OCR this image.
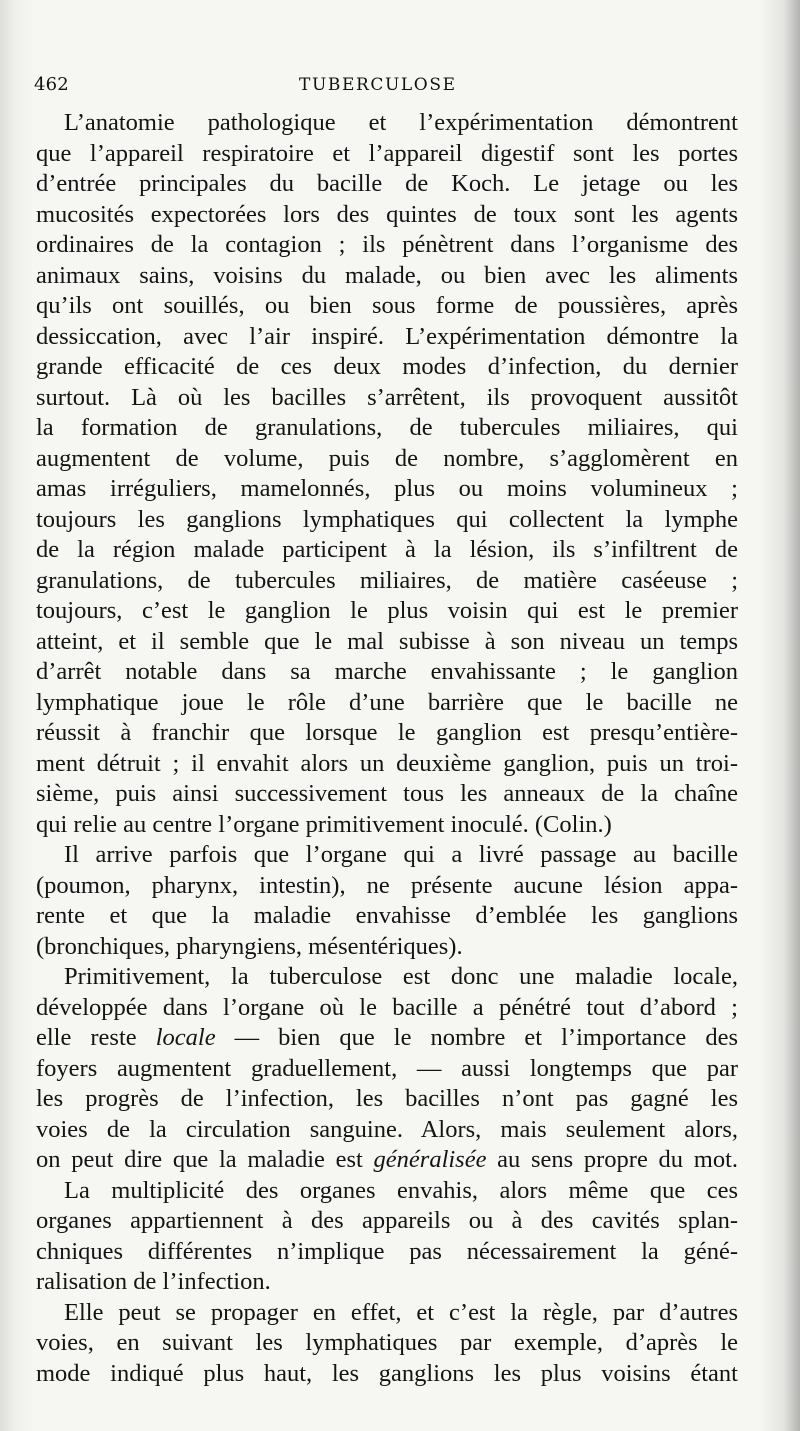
462	TUBERCULOSE
L’anatomie pathologique et l’expérimentation démontrent
que l’appareil respiratoire et l’appareil digestif sont les portes
d’entrée principales du bacille de Koch. Le jetage ou les
mucosités expectorées lors des quintes de toux sont les agents
ordinaires de la contagion ; ils pénètrent dans l’organisme des
animaux sains, voisins du malade, ou bien avec les aliments
qu’ils ont souillés, ou bien sous forme de poussières, après
dessiccation, avec l’air inspiré. L’expérimentation démontre la
grande efficacité de ces deux modes d’infection, du dernier
surtout. Là où les bacilles s’arrêtent, ils provoquent aussitôt
la formation de granulations, de tubercules miliaires, qui
augmentent de volume, puis de nombre, s’agglomèrent en
amas irréguliers, mamelonnés, plus ou moins volumineux ;
toujours les ganglions lymphatiques qui collectent la lymphe
de la région malade participent à la lésion, ils s’infiltrent de
granulations, de tubercules miliaires, de matière caséeuse ;
toujours, c’est le ganglion le plus voisin qui est le premier
atteint, et il semble que le mal subisse à son niveau un temps
d’arrêt notable dans sa marche envahissante ; le ganglion
lymphatique joue le rôle d’une barrière que le bacille ne
réussit à franchir que lorsque le ganglion est presqu’entière-
ment détruit ; il envahit alors un deuxième ganglion, puis un troi-
sième, puis ainsi successivement tous les anneaux de la chaîne
qui relie au centre l’organe primitivement inoculé. (Colin.)
Il arrive parfois que l’organe qui a livré passage au bacille
(poumon, pharynx, intestin), ne présente aucune lésion appa-
rente et que la maladie envahisse d’emblée les ganglions
(bronchiques, pharyngiens, mésentériques).
Primitivement, la tuberculose est donc une maladie locale,
développée dans l’organe où le bacille a pénétré tout d’abord ;
elle reste locale — bien que le nombre et l’importance des
foyers augmentent graduellement, — aussi longtemps que par
les progrès de l’infection, les bacilles n’ont pas gagné les
voies de la circulation sanguine. Alors, mais seulement alors,
on peut dire que la maladie est généralisée au sens propre du mot.
La multiplicité des organes envahis, alors même que ces
organes appartiennent à des appareils ou à des cavités splan-
chniques différentes n’implique pas nécessairement la géné-
ralisation de l’infection.
Elle peut se propager en effet, et c’est la règle, par d’autres
voies, en suivant les lymphatiques par exemple, d’après le
mode indiqué plus haut, les ganglions les plus voisins étant
